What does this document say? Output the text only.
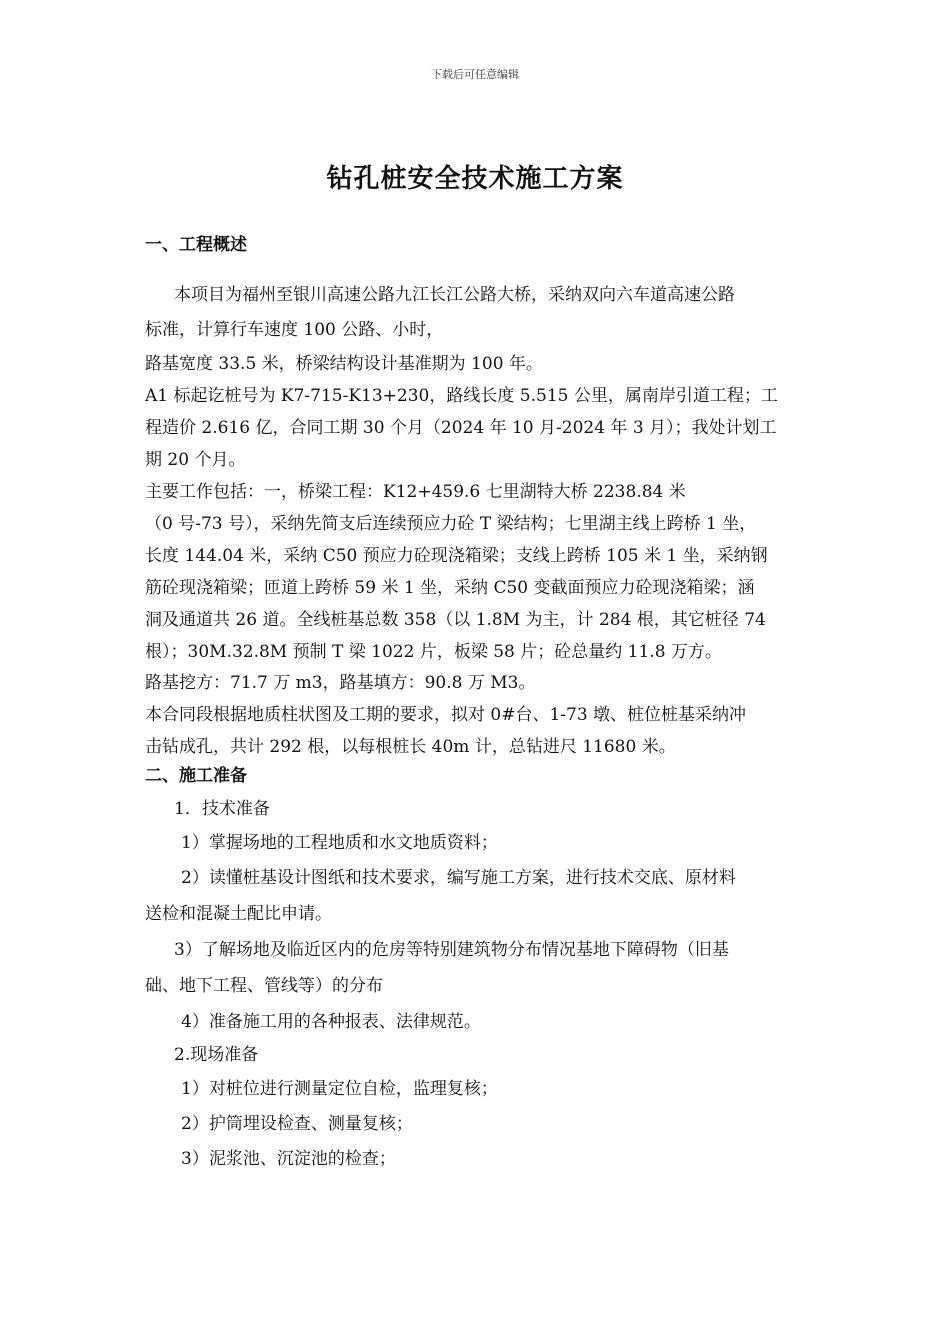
下载后可任意编辑
钻孔桩安全技术施工方案
一、工程概述
本项目为福州至银川高速公路九江长江公路大桥，采纳双向六车道高速公路
标准，计算行车速度 100 公路、小时，
路基宽度 33.5 米，桥梁结构设计基准期为 100 年。
A1 标起讫桩号为 K7-715-K13+230，路线长度 5.515 公里，属南岸引道工程；工
程造价 2.616 亿，合同工期 30 个月（2024 年 10 月-2024 年 3 月）；我处计划工
期 20 个月。
主要工作包括：一，桥梁工程：K12+459.6 七里湖特大桥 2238.84 米
（0 号-73 号），采纳先简支后连续预应力砼 T 梁结构；七里湖主线上跨桥 1 坐，
长度 144.04 米，采纳 C50 预应力砼现浇箱梁；支线上跨桥 105 米 1 坐，采纳钢
筋砼现浇箱梁；匝道上跨桥 59 米 1 坐，采纳 C50 变截面预应力砼现浇箱梁；涵
洞及通道共 26 道。全线桩基总数 358（以 1.8M 为主，计 284 根，其它桩径 74
根）；30M.32.8M 预制 T 梁 1022 片，板梁 58 片；砼总量约 11.8 万方。
路基挖方：71.7 万 m3，路基填方：90.8 万 M3。
本合同段根据地质柱状图及工期的要求，拟对 0#台、1-73 墩、桩位桩基采纳冲
击钻成孔，共计 292 根，以每根桩长 40m 计，总钻进尺 11680 米。
二、施工准备
1．技术准备
1）掌握场地的工程地质和水文地质资料；
2）读懂桩基设计图纸和技术要求，编写施工方案，进行技术交底、原材料
送检和混凝土配比申请。
3）了解场地及临近区内的危房等特别建筑物分布情况基地下障碍物（旧基
础、地下工程、管线等）的分布
4）准备施工用的各种报表、法律规范。
2.现场准备
1）对桩位进行测量定位自检，监理复核；
2）护筒埋设检查、测量复核；
3）泥浆池、沉淀池的检查；
